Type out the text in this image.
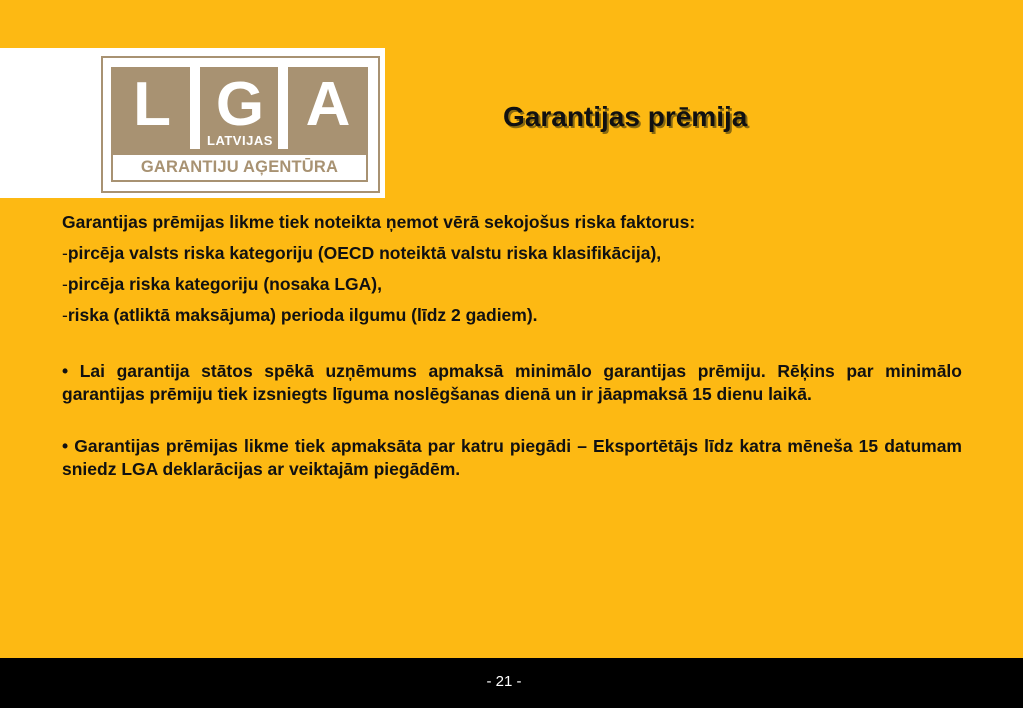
L G A
LATVIJAS
GARANTIJU AĢENTŪRA
Garantijas prēmija
Garantijas prēmijas likme tiek noteikta ņemot vērā sekojošus riska faktorus:
-pircēja valsts riska kategoriju (OECD noteiktā valstu riska klasifikācija),
-pircēja riska kategoriju (nosaka LGA),
-riska (atliktā maksājuma) perioda ilgumu (līdz 2 gadiem).

• Lai garantija stātos spēkā uzņēmums apmaksā minimālo garantijas prēmiju. Rēķins par minimālo garantijas prēmiju tiek izsniegts līguma noslēgšanas dienā un ir jāapmaksā 15 dienu laikā.

• Garantijas prēmijas likme tiek apmaksāta par katru piegādi – Eksportētājs līdz katra mēneša 15 datumam sniedz LGA deklarācijas ar veiktajām piegādēm.

- 21 -
